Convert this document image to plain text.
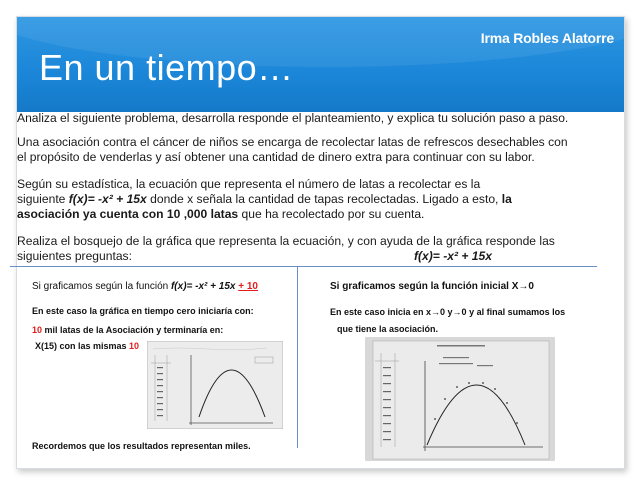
Irma Robles Alatorre
En un tiempo…
Analiza el siguiente problema, desarrolla responde el planteamiento, y explica tu solución paso a paso.
Una asociación contra el cáncer de niños se encarga de recolectar latas de refrescos desechables con
el propósito de venderlas y así obtener una cantidad de dinero extra para continuar con su labor.
Según su estadística, la ecuación que representa el número de latas a recolectar es la
siguiente f(x)= -x² + 15x donde x señala la cantidad de tapas recolectadas. Ligado a esto, la
asociación ya cuenta con 10 ,000 latas que ha recolectado por su cuenta.
Realiza el bosquejo de la gráfica que representa la ecuación, y con ayuda de la gráfica responde las
siguientes preguntas:	f(x)= -x² + 15x
Si graficamos según la función f(x)= -x² + 15x + 10
En este caso la gráfica en tiempo cero iniciaría con:
10 mil latas de la Asociación y terminaría en:
X(15) con las mismas 10
Recordemos que los resultados representan miles.
Si graficamos según la función inicial X→0
En este caso inicia en x→0 y→0 y al final sumamos los
que tiene la asociación.
